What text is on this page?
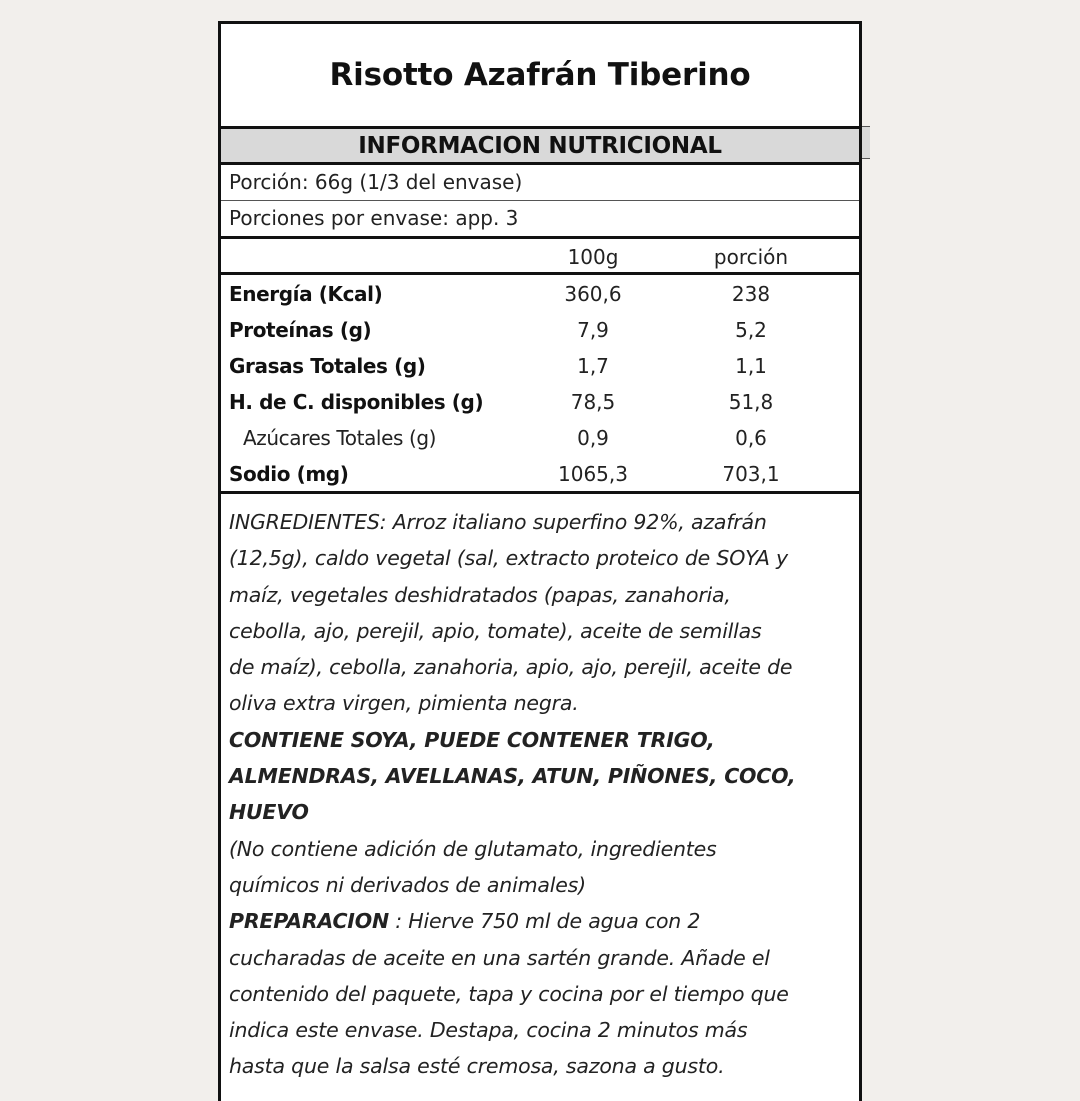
Risotto Azafrán Tiberino
INFORMACION NUTRICIONAL
Porción: 66g (1/3 del envase)
Porciones por envase: app. 3
100g	porción
Energía (Kcal)	360,6	238
Proteínas (g)	7,9	5,2
Grasas Totales (g)	1,7	1,1
H. de C. disponibles (g)	78,5	51,8
Azúcares Totales (g)	0,9	0,6
Sodio (mg)	1065,3	703,1

INGREDIENTES: Arroz italiano superfino 92%, azafrán

(12,5g), caldo vegetal (sal, extracto proteico de SOYA y

maíz, vegetales deshidratados (papas, zanahoria,

cebolla, ajo, perejil, apio, tomate), aceite de semillas

de maíz), cebolla, zanahoria, apio, ajo, perejil, aceite de

oliva extra virgen, pimienta negra.

CONTIENE SOYA, PUEDE CONTENER TRIGO,

ALMENDRAS, AVELLANAS, ATUN, PIÑONES, COCO,

HUEVO

(No contiene adición de glutamato, ingredientes

químicos ni derivados de animales)

PREPARACION : Hierve 750 ml de agua con 2

cucharadas de aceite en una sartén grande. Añade el

contenido del paquete, tapa y cocina por el tiempo que

indica este envase. Destapa, cocina 2 minutos más

hasta que la salsa esté cremosa, sazona a gusto.
